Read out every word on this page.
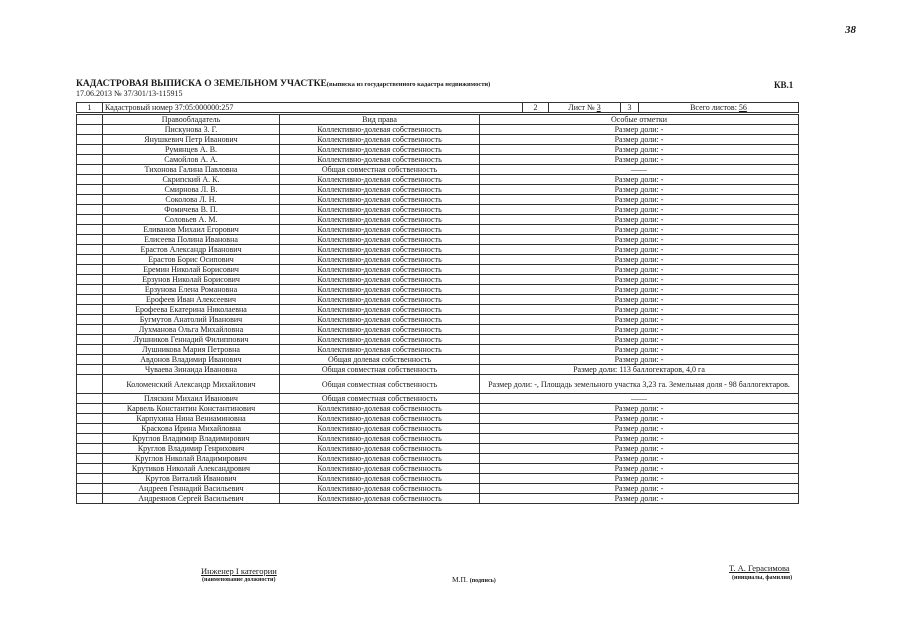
38
КАДАСТРОВАЯ ВЫПИСКА О ЗЕМЕЛЬНОМ УЧАСТКЕ(выписка из государственного кадастра недвижимости)	КВ.1
17.06.2013 № 37/301/13-115915
1	Кадастровый номер 37:05:000000:257	2	Лист № 3	3	Всего листов: 56
	Правообладатель	Вид права	Особые отметки
	Пискунова З. Г.	Коллективно-долевая собственность	Размер доли: -
	Янушкевич Петр Иванович	Коллективно-долевая собственность	Размер доли: -
	Румянцев А. В.	Коллективно-долевая собственность	Размер доли: -
	Самойлов А. А.	Коллективно-долевая собственность	Размер доли: -
	Тихонова Галина Павловна	Общая совместная собственность	——
	Скрипский А. К.	Коллективно-долевая собственность	Размер доли: -
	Смирнова Л. В.	Коллективно-долевая собственность	Размер доли: -
	Соколова Л. Н.	Коллективно-долевая собственность	Размер доли: -
	Фомичева В. П.	Коллективно-долевая собственность	Размер доли: -
	Соловьев А. М.	Коллективно-долевая собственность	Размер доли: -
	Еливанов Михаил Егорович	Коллективно-долевая собственность	Размер доли: -
	Елисеева Полина Ивановна	Коллективно-долевая собственность	Размер доли: -
	Ерастов Александр Иванович	Коллективно-долевая собственность	Размер доли: -
	Ерастов Борис Осипович	Коллективно-долевая собственность	Размер доли: -
	Еремин Николай Борисович	Коллективно-долевая собственность	Размер доли: -
	Ерзунов Николай Борисович	Коллективно-долевая собственность	Размер доли: -
	Ерзунова Елена Романовна	Коллективно-долевая собственность	Размер доли: -
	Ерофеев Иван Алексеевич	Коллективно-долевая собственность	Размер доли: -
	Ерофеева Екатерина Николаевна	Коллективно-долевая собственность	Размер доли: -
	Бугмутов Анатолий Иванович	Коллективно-долевая собственность	Размер доли: -
	Лухманова Ольга Михайловна	Коллективно-долевая собственность	Размер доли: -
	Лушников Геннадий Филиппович	Коллективно-долевая собственность	Размер доли: -
	Лушникова Мария Петровна	Коллективно-долевая собственность	Размер доли: -
	Авдонов Владимир Иванович	Общая долевая собственность	Размер доли: -
	Чуваева Зинаида Ивановна	Общая совместная собственность	Размер доли: 113 баллогектаров, 4,0 га
	Коломенский Александр Михайлович	Общая совместная собственность	Размер доли: -, Площадь земельного участка 3,23 га. Земельная доля - 98 баллогектаров.
	Пляскин Михаил Иванович	Общая совместная собственность	——
	Карвель Константин Константинович	Коллективно-долевая собственность	Размер доли: -
	Карпухина Нина Вениаминовна	Коллективно-долевая собственность	Размер доли: -
	Краскова Ирина Михайловна	Коллективно-долевая собственность	Размер доли: -
	Круглов Владимир Владимирович	Коллективно-долевая собственность	Размер доли: -
	Круглов Владимир Генрихович	Коллективно-долевая собственность	Размер доли: -
	Круглов Николай Владимирович	Коллективно-долевая собственность	Размер доли: -
	Крутиков Николай Александрович	Коллективно-долевая собственность	Размер доли: -
	Крутов Виталий Иванович	Коллективно-долевая собственность	Размер доли: -
	Андреев Геннадий Васильевич	Коллективно-долевая собственность	Размер доли: -
	Андреянов Сергей Васильевич	Коллективно-долевая собственность	Размер доли: -
Инженер I категории
(наименование должности)	М.П. (подпись)
Т. А. Герасимова
(инициалы, фамилия)
